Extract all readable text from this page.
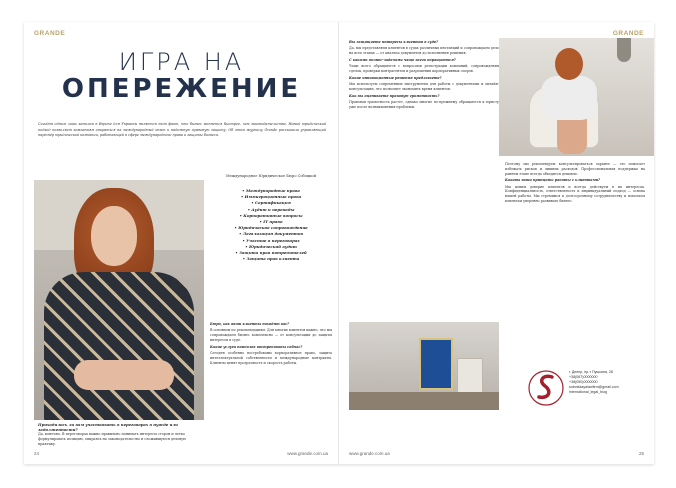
GRANDE
ИГРА НА
ОПЕРЕЖЕНИЕ

Сегодня одним лишь каналом в Европе для Украины является тот факт, что бизнес меняется быстрее, чем законодательство. Новый юридический подход позволяет компаниям опираться на международный опыт и надежную правовую защиту. Об этом журналу Grande рассказала управляющий партнёр юридической компании, работающей в сфере международного права и защиты бизнеса.

Приходилось ли вам участвовать в переговорах в нужде или задолженности?
Да, конечно. В переговорах важно правильно понимать интересы сторон и четко формулировать позицию, опираясь на законодательство и сложившуюся деловую практику.
Международное Юридическое Бюро Собоцкой
• Международные права
• Иммиграционные права
• Сертификация
• Аудит и переводы
• Корпоративные вопросы
• IT право
• Юридическое сопровождение
• Легализация документов
• Участие в переговорах
• Юридический аудит
• Защита прав потребителей
• Защита прав клиента

Бюро, как ваши клиенты находят вас?

В основном по рекомендациям. Для многих клиентов важно, что мы сопровождаем бизнес комплексно — от консультации до защиты интересов в суде.

Какие услуги наиболее востребованы сейчас?

Сегодня особенно востребованы корпоративное право, защита интеллектуальной собственности и международные контракты. Клиенты ценят прозрачность и скорость работы.

24	www.grande.com.ua
GRANDE

Вы защищаете интересы клиентов в суде?

Да, мы представляем клиентов в судах различных инстанций и сопровождаем дело на всех этапах — от анализа документов до исполнения решения.

С какими бизнес-задачами чаще всего обращаются?

Чаще всего обращаются с вопросами регистрации компаний, сопровождения сделок, проверки контрагентов и разрешения корпоративных споров.

Какие инновационные решения предлагаете?

Мы используем современные инструменты для работы с документами и онлайн-консультации, что позволяет экономить время клиентов.

Как вы оцениваете правовую грамотность?

Правовая грамотность растет, однако многие по-прежнему обращаются к юристу уже после возникновения проблемы.

Поэтому мы рекомендуем консультироваться заранее — это помогает избежать рисков и лишних расходов. Профессиональная поддержка на раннем этапе всегда обходится дешевле.

Каковы ваши принципы работы с клиентами?

Мы ценим доверие клиентов и всегда действуем в их интересах. Конфиденциальность, ответственность и индивидуальный подход — основа нашей работы. Мы стремимся к долгосрочному сотрудничеству и помогаем клиентам уверенно развивать бизнес.

г. Днепр, пр-т Пушкина, 28
+38(067)0000000
+38(050)0000000
sobotskayalawfirm@gmail.com
international_legal_blog
www.grande.com.ua	25
